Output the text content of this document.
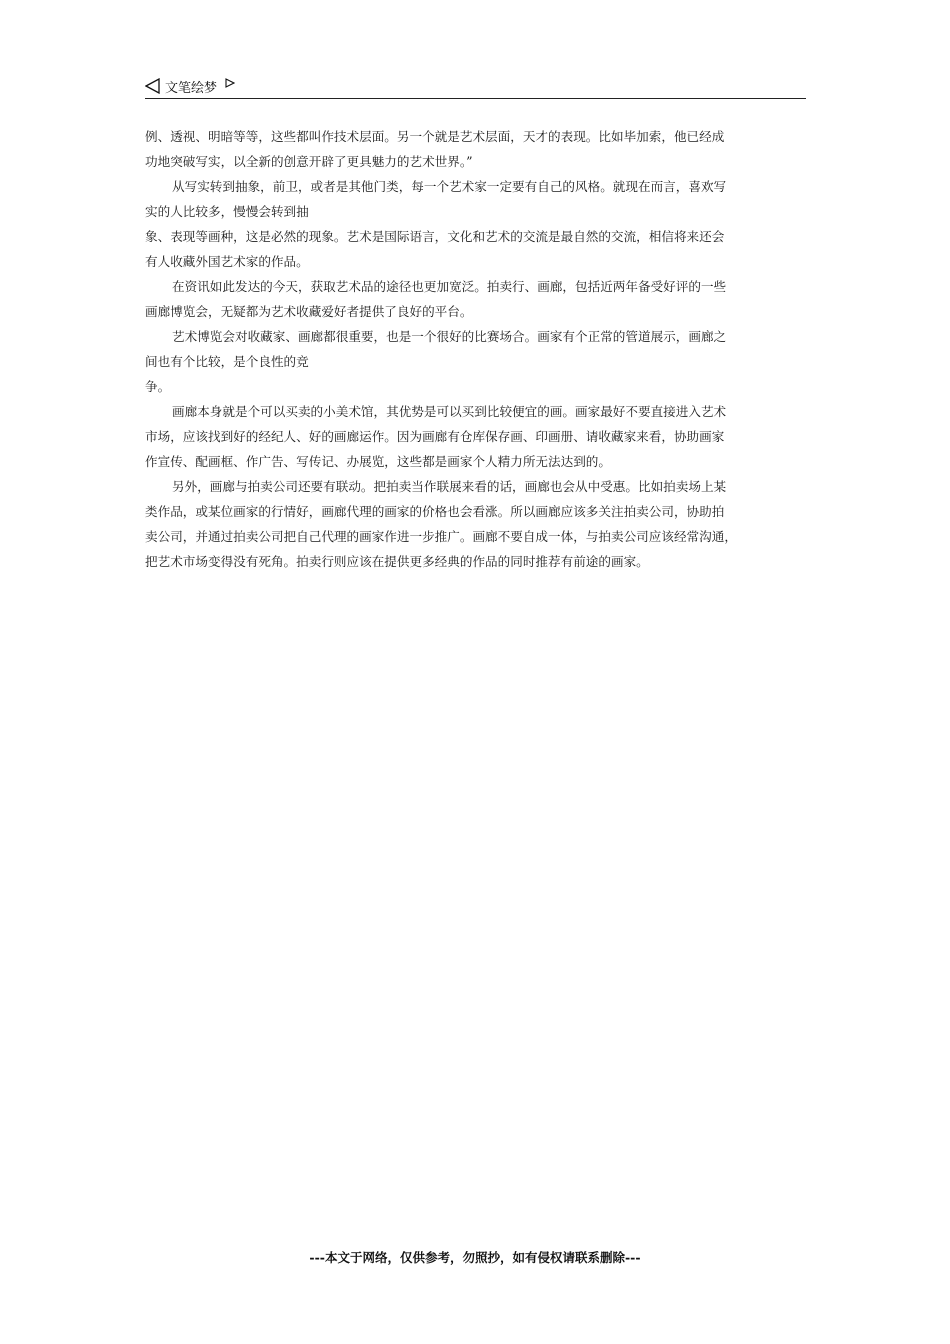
文笔绘梦
例、透视、明暗等等，这些都叫作技术层面。另一个就是艺术层面，天才的表现。比如毕加索，他已经成
功地突破写实，以全新的创意开辟了更具魅力的艺术世界。”
从写实转到抽象，前卫，或者是其他门类，每一个艺术家一定要有自己的风格。就现在而言，喜欢写
实的人比较多，慢慢会转到抽
象、表现等画种，这是必然的现象。艺术是国际语言，文化和艺术的交流是最自然的交流，相信将来还会
有人收藏外国艺术家的作品。
在资讯如此发达的今天，获取艺术品的途径也更加宽泛。拍卖行、画廊，包括近两年备受好评的一些
画廊博览会，无疑都为艺术收藏爱好者提供了良好的平台。
艺术博览会对收藏家、画廊都很重要，也是一个很好的比赛场合。画家有个正常的管道展示，画廊之
间也有个比较，是个良性的竞
争。
画廊本身就是个可以买卖的小美术馆，其优势是可以买到比较便宜的画。画家最好不要直接进入艺术
市场，应该找到好的经纪人、好的画廊运作。因为画廊有仓库保存画、印画册、请收藏家来看，协助画家
作宣传、配画框、作广告、写传记、办展览，这些都是画家个人精力所无法达到的。
另外，画廊与拍卖公司还要有联动。把拍卖当作联展来看的话，画廊也会从中受惠。比如拍卖场上某
类作品，或某位画家的行情好，画廊代理的画家的价格也会看涨。所以画廊应该多关注拍卖公司，协助拍
卖公司，并通过拍卖公司把自己代理的画家作进一步推广。画廊不要自成一体，与拍卖公司应该经常沟通，
把艺术市场变得没有死角。拍卖行则应该在提供更多经典的作品的同时推荐有前途的画家。
---本文于网络，仅供参考，勿照抄，如有侵权请联系删除---
